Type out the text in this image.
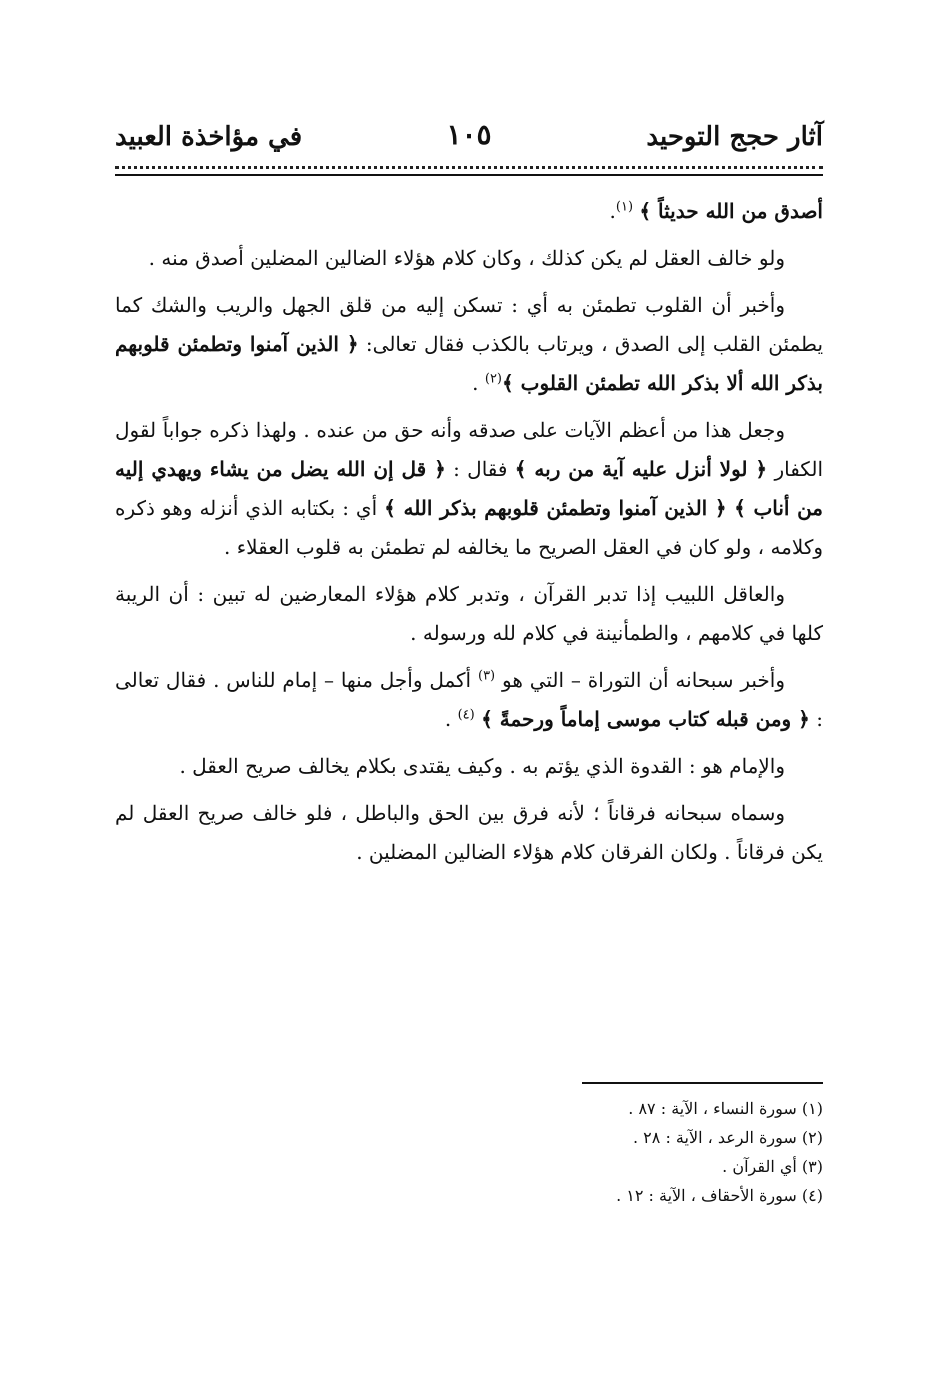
آثار حجج التوحيد
١٠٥
في مؤاخذة العبيد

أصدق من الله حديثاً ﴾ $^{(١)}$.

ولو خالف العقل لم يكن كذلك ، وكان كلام هؤلاء الضالين المضلين أصدق منه .

وأخبر أن القلوب تطمئن به أي : تسكن إليه من قلق الجهل والريب والشك كما يطمئن القلب إلى الصدق ، ويرتاب بالكذب فقال تعالى: ﴿ الذين آمنوا وتطمئن قلوبهم بذكر الله ألا بذكر الله تطمئن القلوب ﴾$^{(٢)}$ .

وجعل هذا من أعظم الآيات على صدقه وأنه حق من عنده . ولهذا ذكره جواباً لقول الكفار ﴿ لولا أنزل عليه آية من ربه ﴾ فقال : ﴿ قل إن الله يضل من يشاء ويهدي إليه من أناب ﴾ ﴿ الذين آمنوا وتطمئن قلوبهم بذكر الله ﴾ أي : بكتابه الذي أنزله وهو ذكره وكلامه ، ولو كان في العقل الصريح ما يخالفه لم تطمئن به قلوب العقلاء .

والعاقل اللبيب إذا تدبر القرآن ، وتدبر كلام هؤلاء المعارضين له تبين : أن الريبة كلها في كلامهم ، والطمأنينة في كلام لله ورسوله .

وأخبر سبحانه أن التوراة – التي هو $^{(٣)}$ أكمل وأجل منها – إمام للناس . فقال تعالى : ﴿ ومن قبله كتاب موسى إماماً ورحمةً ﴾ $^{(٤)}$ .

والإمام هو : القدوة الذي يؤتم به . وكيف يقتدى بكلام يخالف صريح العقل .

وسماه سبحانه فرقاناً ؛ لأنه فرق بين الحق والباطل ، فلو خالف صريح العقل لم يكن فرقاناً . ولكان الفرقان كلام هؤلاء الضالين المضلين .

(١) سورة النساء ، الآية : ٨٧ .

(٢) سورة الرعد ، الآية : ٢٨ .

(٣) أي القرآن .

(٤) سورة الأحقاف ، الآية : ١٢ .
